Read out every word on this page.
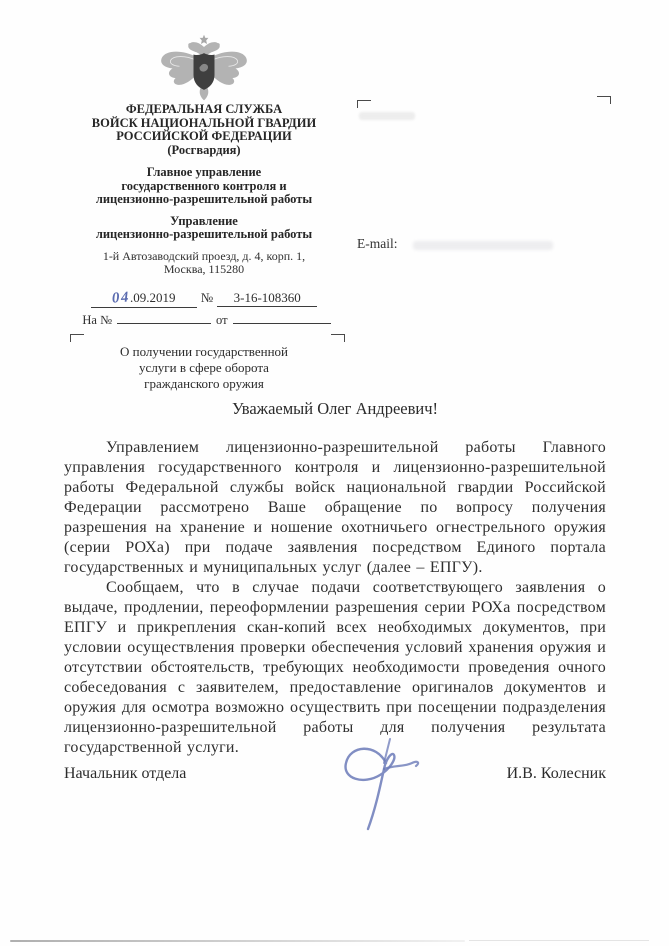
ФЕДЕРАЛЬНАЯ СЛУЖБА
ВОЙСК НАЦИОНАЛЬНОЙ ГВАРДИИ
РОССИЙСКОЙ ФЕДЕРАЦИИ
(Росгвардия)
Главное управление
государственного контроля и
лицензионно-разрешительной работы
Управление
лицензионно-разрешительной работы
1-й Автозаводский проезд, д. 4, корп. 1,
Москва, 115280
04.09.2019 № 3-16-108360
На №	от
О получении государственной
услуги в сфере оборота
гражданского оружия
E-mail:
Уважаемый Олег Андреевич!

Управлением лицензионно-разрешительной работы Главного управления государственного контроля и лицензионно-разрешительной работы Федеральной службы войск национальной гвардии Российской Федерации рассмотрено Ваше обращение по вопросу получения разрешения на хранение и ношение охотничьего огнестрельного оружия (серии РОХа) при подаче заявления посредством Единого портала государственных и муниципальных услуг (далее – ЕПГУ).

Сообщаем, что в случае подачи соответствующего заявления о выдаче, продлении, переоформлении разрешения серии РОХа посредством ЕПГУ и прикрепления скан-копий всех необходимых документов, при условии осуществления проверки обеспечения условий хранения оружия и отсутствии обстоятельств, требующих необходимости проведения очного собеседования с заявителем, предоставление оригиналов документов и оружия для осмотра возможно осуществить при посещении подразделения лицензионно-разрешительной работы для получения результата государственной услуги.

Начальник отдела	И.В. Колесник
